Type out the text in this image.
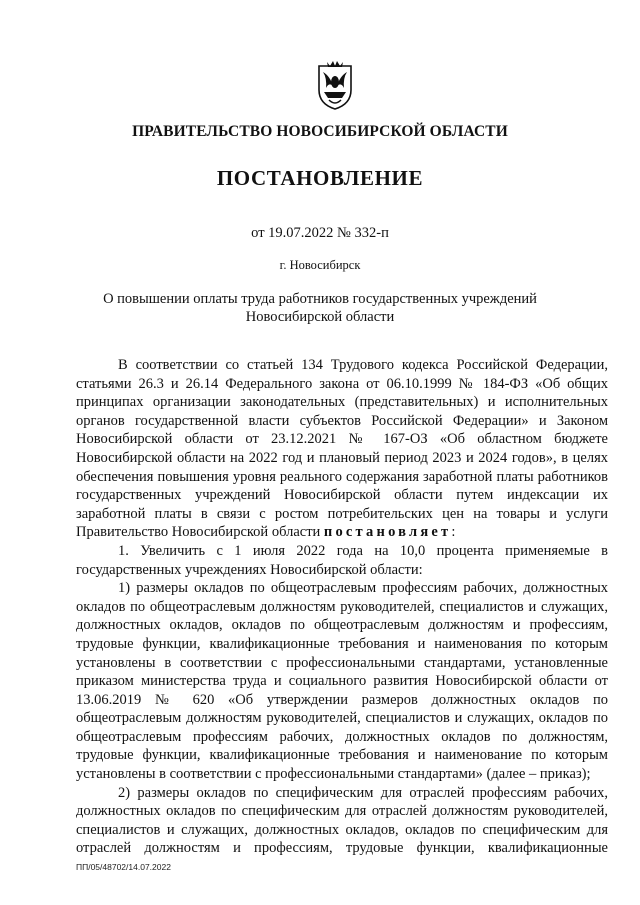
ПРАВИТЕЛЬСТВО НОВОСИБИРСКОЙ ОБЛАСТИ
ПОСТАНОВЛЕНИЕ
от 19.07.2022 № 332-п
г. Новосибирск
О повышении оплаты труда работников государственных учреждений
Новосибирской области

В соответствии со статьей 134 Трудового кодекса Российской Федерации, статьями 26.3 и 26.14 Федерального закона от 06.10.1999 № 184-ФЗ «Об общих принципах организации законодательных (представительных) и исполнительных органов государственной власти субъектов Российской Федерации» и Законом Новосибирской области от 23.12.2021 № 167-ОЗ «Об областном бюджете Новосибирской области на 2022 год и плановый период 2023 и 2024 годов», в целях обеспечения повышения уровня реального содержания заработной платы работников государственных учреждений Новосибирской области путем индексации их заработной платы в связи с ростом потребительских цен на товары и услуги Правительство Новосибирской области постановляет:

1. Увеличить с 1 июля 2022 года на 10,0 процента применяемые в государственных учреждениях Новосибирской области:

1) размеры окладов по общеотраслевым профессиям рабочих, должностных окладов по общеотраслевым должностям руководителей, специалистов и служащих, должностных окладов, окладов по общеотраслевым должностям и профессиям, трудовые функции, квалификационные требования и наименования по которым установлены в соответствии с профессиональными стандартами, установленные приказом министерства труда и социального развития Новосибирской области от 13.06.2019 № 620 «Об утверждении размеров должностных окладов по общеотраслевым должностям руководителей, специалистов и служащих, окладов по общеотраслевым профессиям рабочих, должностных окладов по должностям, трудовые функции, квалификационные требования и наименование по которым установлены в соответствии с профессиональными стандартами» (далее – приказ);

2) размеры окладов по специфическим для отраслей профессиям рабочих, должностных окладов по специфическим для отраслей должностям руководителей, специалистов и служащих, должностных окладов, окладов по специфическим для отраслей должностям и профессиям, трудовые функции, квалификационные

ПП/05/48702/14.07.2022
